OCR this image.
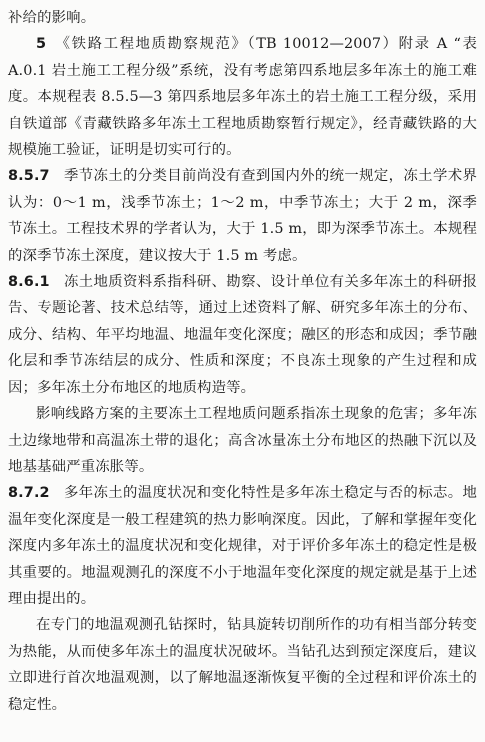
补给的影响。

5 《铁路工程地质勘察规范》（TB 10012—2007）附录 A “表 A.0.1 岩土施工工程分级”系统，没有考虑第四系地层多年冻土的施工难度。本规程表 8.5.5—3 第四系地层多年冻土的岩土施工工程分级，采用自铁道部《青藏铁路多年冻土工程地质勘察暂行规定》，经青藏铁路的大规模施工验证，证明是切实可行的。

8.5.7 季节冻土的分类目前尚没有查到国内外的统一规定，冻土学术界认为：0～1 m，浅季节冻土；1～2 m，中季节冻土；大于 2 m，深季节冻土。工程技术界的学者认为，大于 1.5 m，即为深季节冻土。本规程的深季节冻土深度，建议按大于 1.5 m 考虑。

8.6.1 冻土地质资料系指科研、勘察、设计单位有关多年冻土的科研报告、专题论著、技术总结等，通过上述资料了解、研究多年冻土的分布、成分、结构、年平均地温、地温年变化深度；融区的形态和成因；季节融化层和季节冻结层的成分、性质和深度；不良冻土现象的产生过程和成因；多年冻土分布地区的地质构造等。

影响线路方案的主要冻土工程地质问题系指冻土现象的危害；多年冻土边缘地带和高温冻土带的退化；高含冰量冻土分布地区的热融下沉以及地基基础严重冻胀等。

8.7.2 多年冻土的温度状况和变化特性是多年冻土稳定与否的标志。地温年变化深度是一般工程建筑的热力影响深度。因此，了解和掌握年变化深度内多年冻土的温度状况和变化规律，对于评价多年冻土的稳定性是极其重要的。地温观测孔的深度不小于地温年变化深度的规定就是基于上述理由提出的。

在专门的地温观测孔钻探时，钻具旋转切削所作的功有相当部分转变为热能，从而使多年冻土的温度状况破坏。当钻孔达到预定深度后，建议立即进行首次地温观测，以了解地温逐渐恢复平衡的全过程和评价冻土的稳定性。
